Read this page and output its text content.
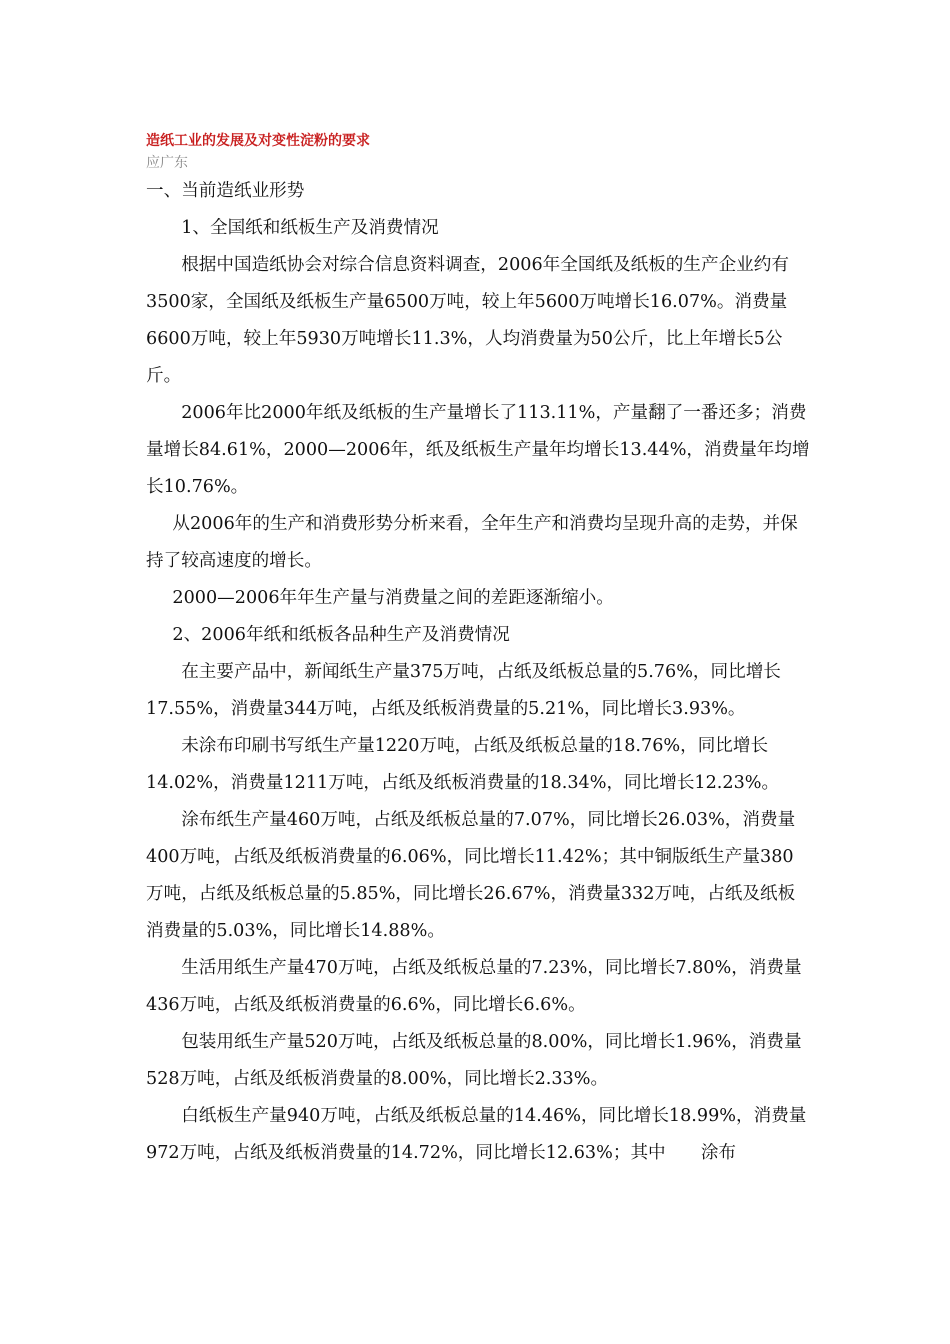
造纸工业的发展及对变性淀粉的要求
应广东

一、当前造纸业形势

1、全国纸和纸板生产及消费情况

根据中国造纸协会对综合信息资料调查，2006年全国纸及纸板的生产企业约有3500家，全国纸及纸板生产量6500万吨，较上年5600万吨增长16.07%。消费量6600万吨，较上年5930万吨增长11.3%，人均消费量为50公斤，比上年增长5公斤。

2006年比2000年纸及纸板的生产量增长了113.11%，产量翻了一番还多；消费量增长84.61%，2000—2006年，纸及纸板生产量年均增长13.44%，消费量年均增长10.76%。

从2006年的生产和消费形势分析来看，全年生产和消费均呈现升高的走势，并保持了较高速度的增长。

2000—2006年年生产量与消费量之间的差距逐渐缩小。

2、2006年纸和纸板各品种生产及消费情况

在主要产品中，新闻纸生产量375万吨，占纸及纸板总量的5.76%，同比增长17.55%，消费量344万吨，占纸及纸板消费量的5.21%，同比增长3.93%。

未涂布印刷书写纸生产量1220万吨，占纸及纸板总量的18.76%，同比增长14.02%，消费量1211万吨，占纸及纸板消费量的18.34%，同比增长12.23%。

涂布纸生产量460万吨，占纸及纸板总量的7.07%，同比增长26.03%，消费量400万吨，占纸及纸板消费量的6.06%，同比增长11.42%；其中铜版纸生产量380万吨，占纸及纸板总量的5.85%，同比增长26.67%，消费量332万吨，占纸及纸板消费量的5.03%，同比增长14.88%。

生活用纸生产量470万吨，占纸及纸板总量的7.23%，同比增长7.80%，消费量436万吨，占纸及纸板消费量的6.6%，同比增长6.6%。

包装用纸生产量520万吨，占纸及纸板总量的8.00%，同比增长1.96%，消费量528万吨，占纸及纸板消费量的8.00%，同比增长2.33%。

白纸板生产量940万吨，占纸及纸板总量的14.46%，同比增长18.99%，消费量972万吨，占纸及纸板消费量的14.72%，同比增长12.63%；其中　　涂布
